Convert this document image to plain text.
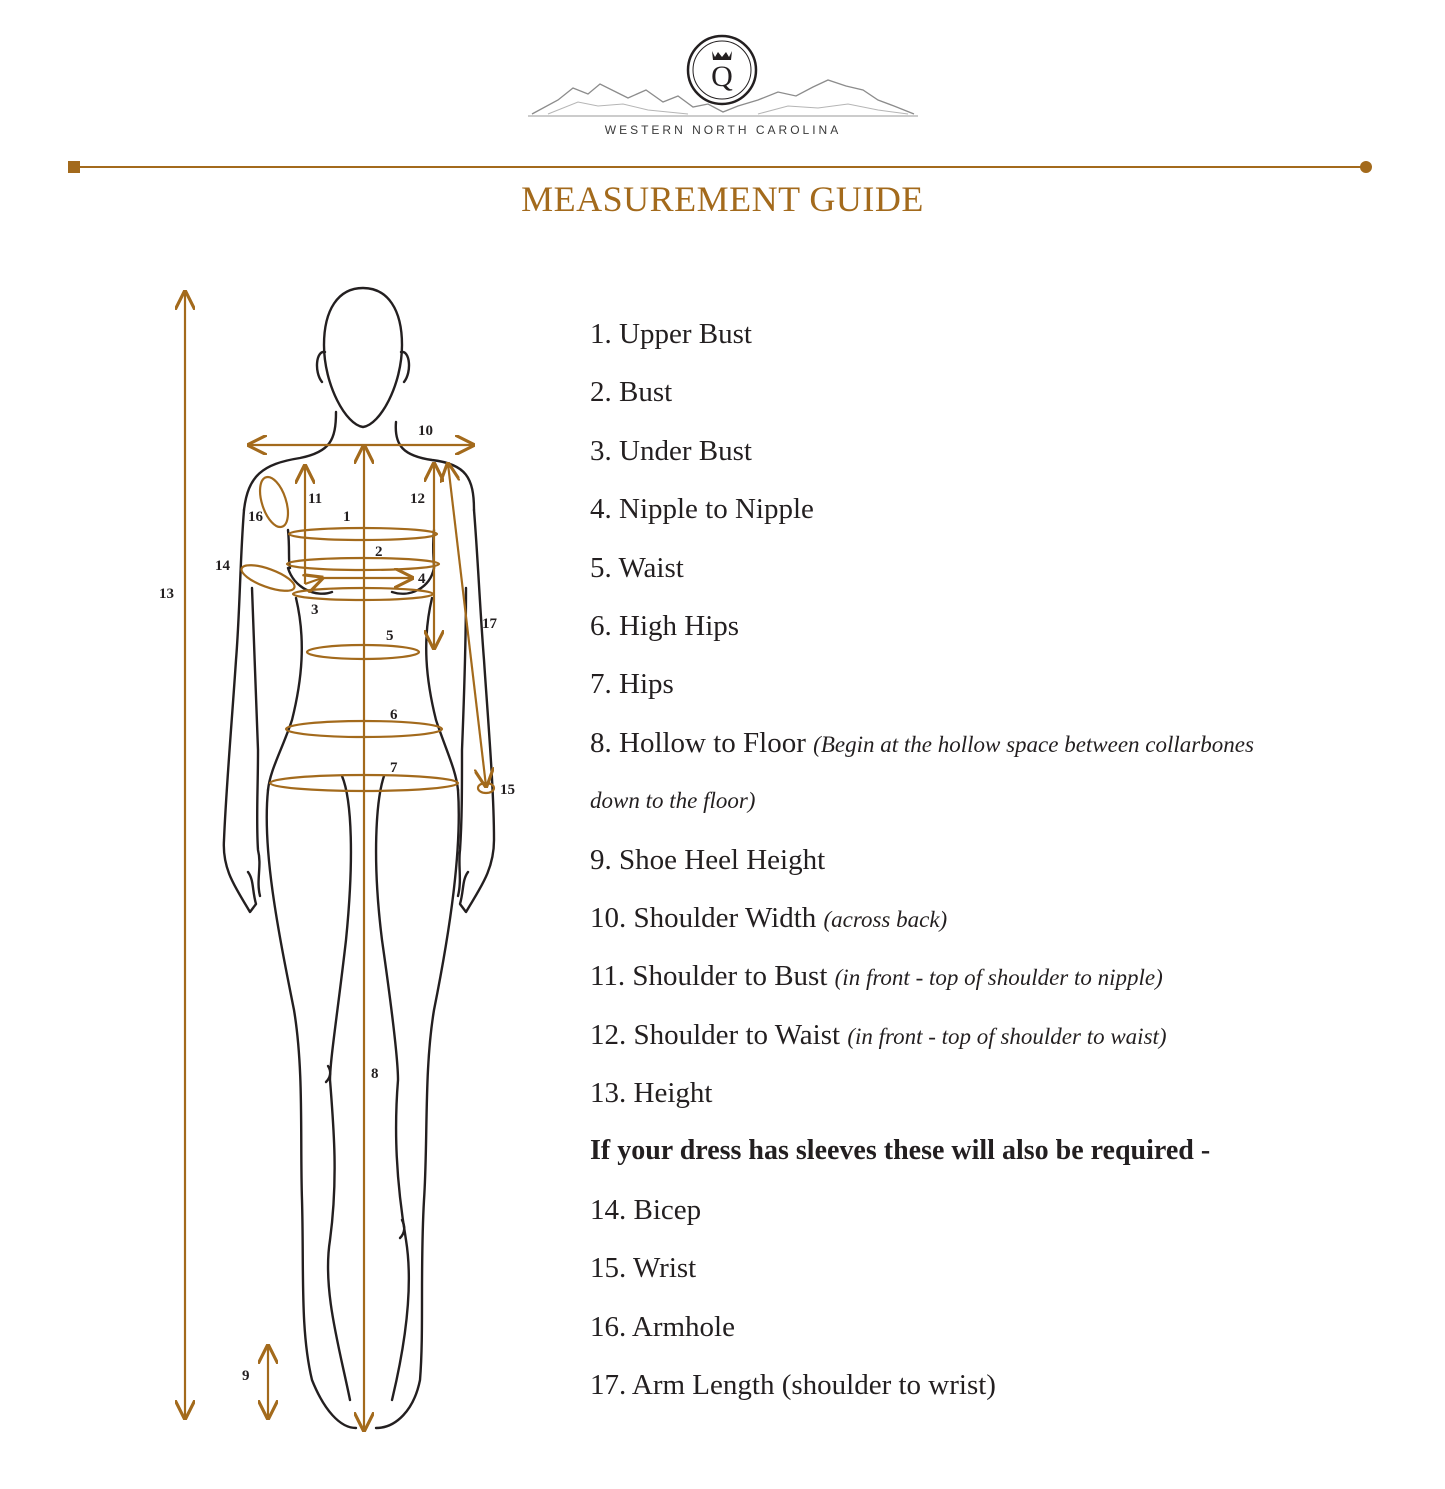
Q
WESTERN NORTH CAROLINA
MEASUREMENT GUIDE
1
2
3
4
5
6
7
8
9
10
11	12
13
14
15
16
17
1. Upper Bust
2. Bust
3. Under Bust
4. Nipple to Nipple
5. Waist
6. High Hips
7. Hips
8. Hollow to Floor (Begin at the hollow space between collarbones
down to the floor)
9. Shoe Heel Height
10. Shoulder Width (across back)
11. Shoulder to Bust (in front - top of shoulder to nipple)
12. Shoulder to Waist (in front - top of shoulder to waist)
13. Height
If your dress has sleeves these will also be required -
14. Bicep
15. Wrist
16. Armhole
17. Arm Length (shoulder to wrist)
